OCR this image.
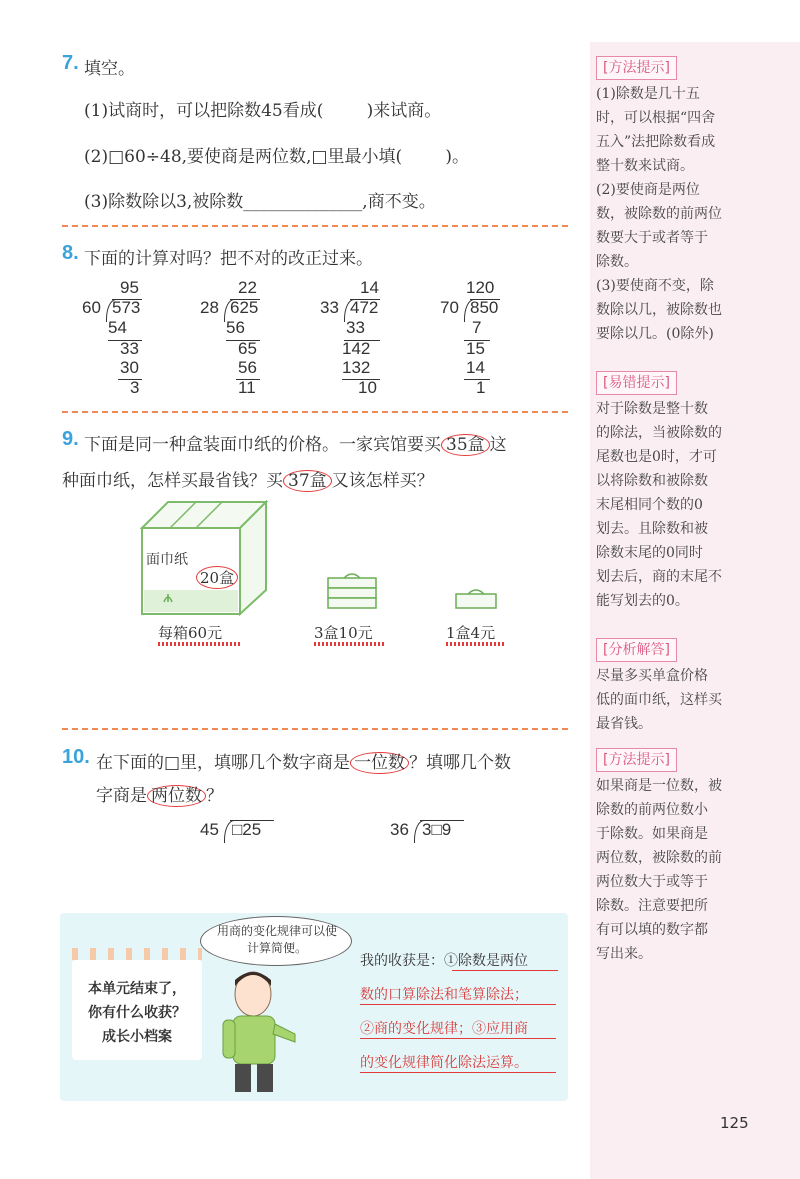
[方法提示]
(1)除数是几十五
时，可以根据“四舍
五入”法把除数看成
整十数来试商。
(2)要使商是两位
数，被除数的前两位
数要大于或者等于
除数。
(3)要使商不变，除
数除以几，被除数也
要除以几。(0除外)
[易错提示]
对于除数是整十数
的除法，当被除数的
尾数也是0时，才可
以将除数和被除数
末尾相同个数的0
划去。且除数和被
除数末尾的0同时
划去后，商的末尾不
能写划去的0。
[分析解答]
尽量多买单盒价格
低的面巾纸，这样买
最省钱。
[方法提示]
如果商是一位数，被
除数的前两位数小
于除数。如果商是
两位数，被除数的前
两位数大于或等于
除数。注意要把所
有可以填的数字都
写出来。
7. 填空。
(1)试商时，可以把除数45看成(        )来试商。
(2)□60÷48,要使商是两位数,□里最小填(        )。
(3)除数除以3,被除数______________,商不变。
8. 下面的计算对吗？把不对的改正过来。
95
60 573
54
33
30
3
22
28 625
56
65
56
11
14
33 472
33
142
132
10
120
70 850
7
15
14
1
9. 下面是同一种盒装面巾纸的价格。一家宾馆要买 35盒 这
种面巾纸，怎样买最省钱？买 37盒 又该怎样买？
面巾纸
20盒
每箱60元	3盒10元	1盒4元
10. 在下面的□里，填哪几个数字商是 一位数 ？填哪几个数
字商是 两位数 ？
45 □25	36 3□9
本单元结束了，
你有什么收获？
成长小档案
用商的变化规律可以使计算简便。
我的收获是：①除数是两位
数的口算除法和笔算除法；
②商的变化规律；③应用商
的变化规律简化除法运算。
125
